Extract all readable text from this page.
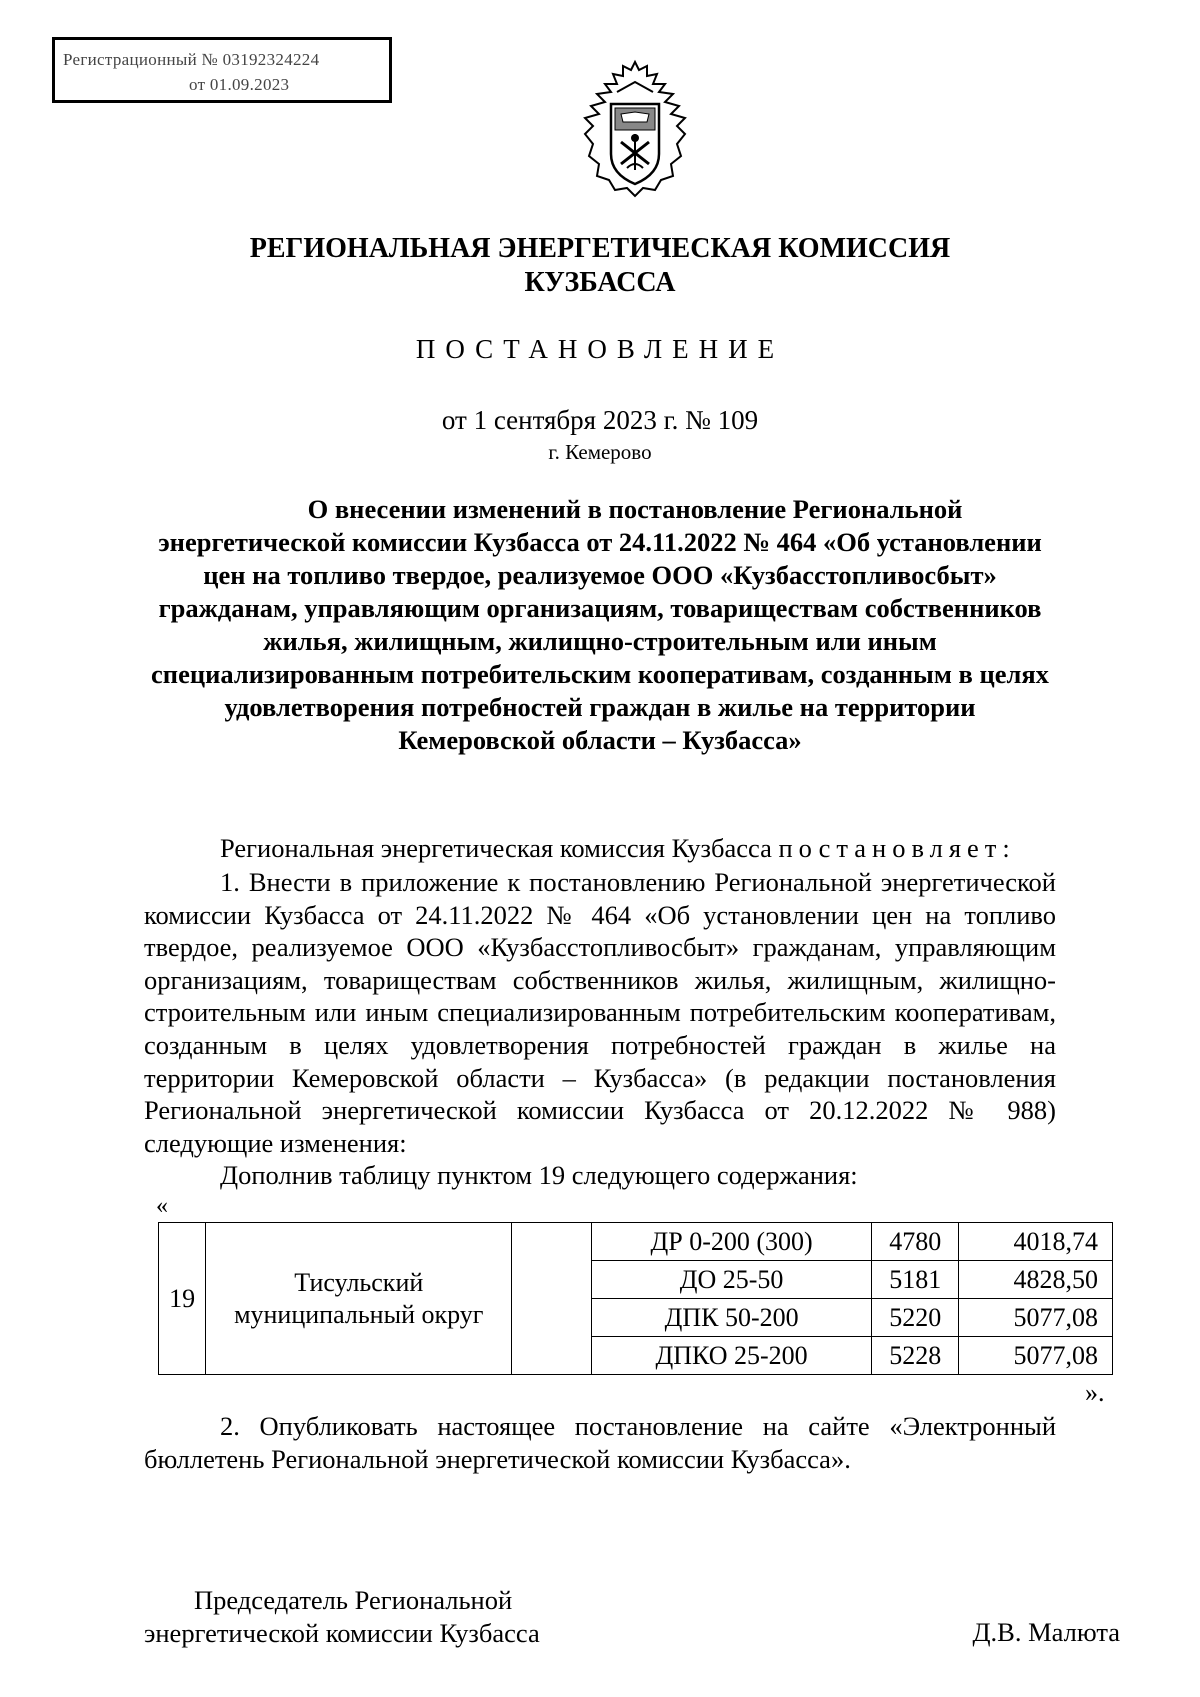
Регистрационный № 03192324224
от 01.09.2023
РЕГИОНАЛЬНАЯ ЭНЕРГЕТИЧЕСКАЯ КОМИССИЯ
КУЗБАССА
ПОСТАНОВЛЕНИЕ
от 1 сентября 2023 г. № 109
г. Кемерово
О внесении изменений в постановление Региональной
энергетической комиссии Кузбасса от 24.11.2022 № 464 «Об установлении
цен на топливо твердое, реализуемое ООО «Кузбасстопливосбыт»
гражданам, управляющим организациям, товариществам собственников
жилья, жилищным, жилищно-строительным или иным
специализированным потребительским кооперативам, созданным в целях
удовлетворения потребностей граждан в жилье на территории
Кемеровской области – Кузбасса»
Региональная энергетическая комиссия Кузбасса постановляет:
1. Внести в приложение к постановлению Региональной энергетической комиссии Кузбасса от 24.11.2022 № 464 «Об установлении цен на топливо твердое, реализуемое ООО «Кузбасстопливосбыт» гражданам, управляющим организациям, товариществам собственников жилья, жилищным, жилищно-строительным или иным специализированным потребительским кооперативам, созданным в целях удовлетворения потребностей граждан в жилье на территории Кемеровской области – Кузбасса» (в редакции постановления Региональной энергетической комиссии Кузбасса от 20.12.2022 № 988) следующие изменения:
Дополнив таблицу пунктом 19 следующего содержания:
«
19	Тисульский
муниципальный округ		ДР 0-200 (300)	4780	4018,74
			ДО 25-50	5181	4828,50
			ДПК 50-200	5220	5077,08
			ДПКО 25-200	5228	5077,08
».
2. Опубликовать настоящее постановление на сайте «Электронный бюллетень Региональной энергетической комиссии Кузбасса».
Председатель Региональной
энергетической комиссии Кузбасса	Д.В. Малюта
